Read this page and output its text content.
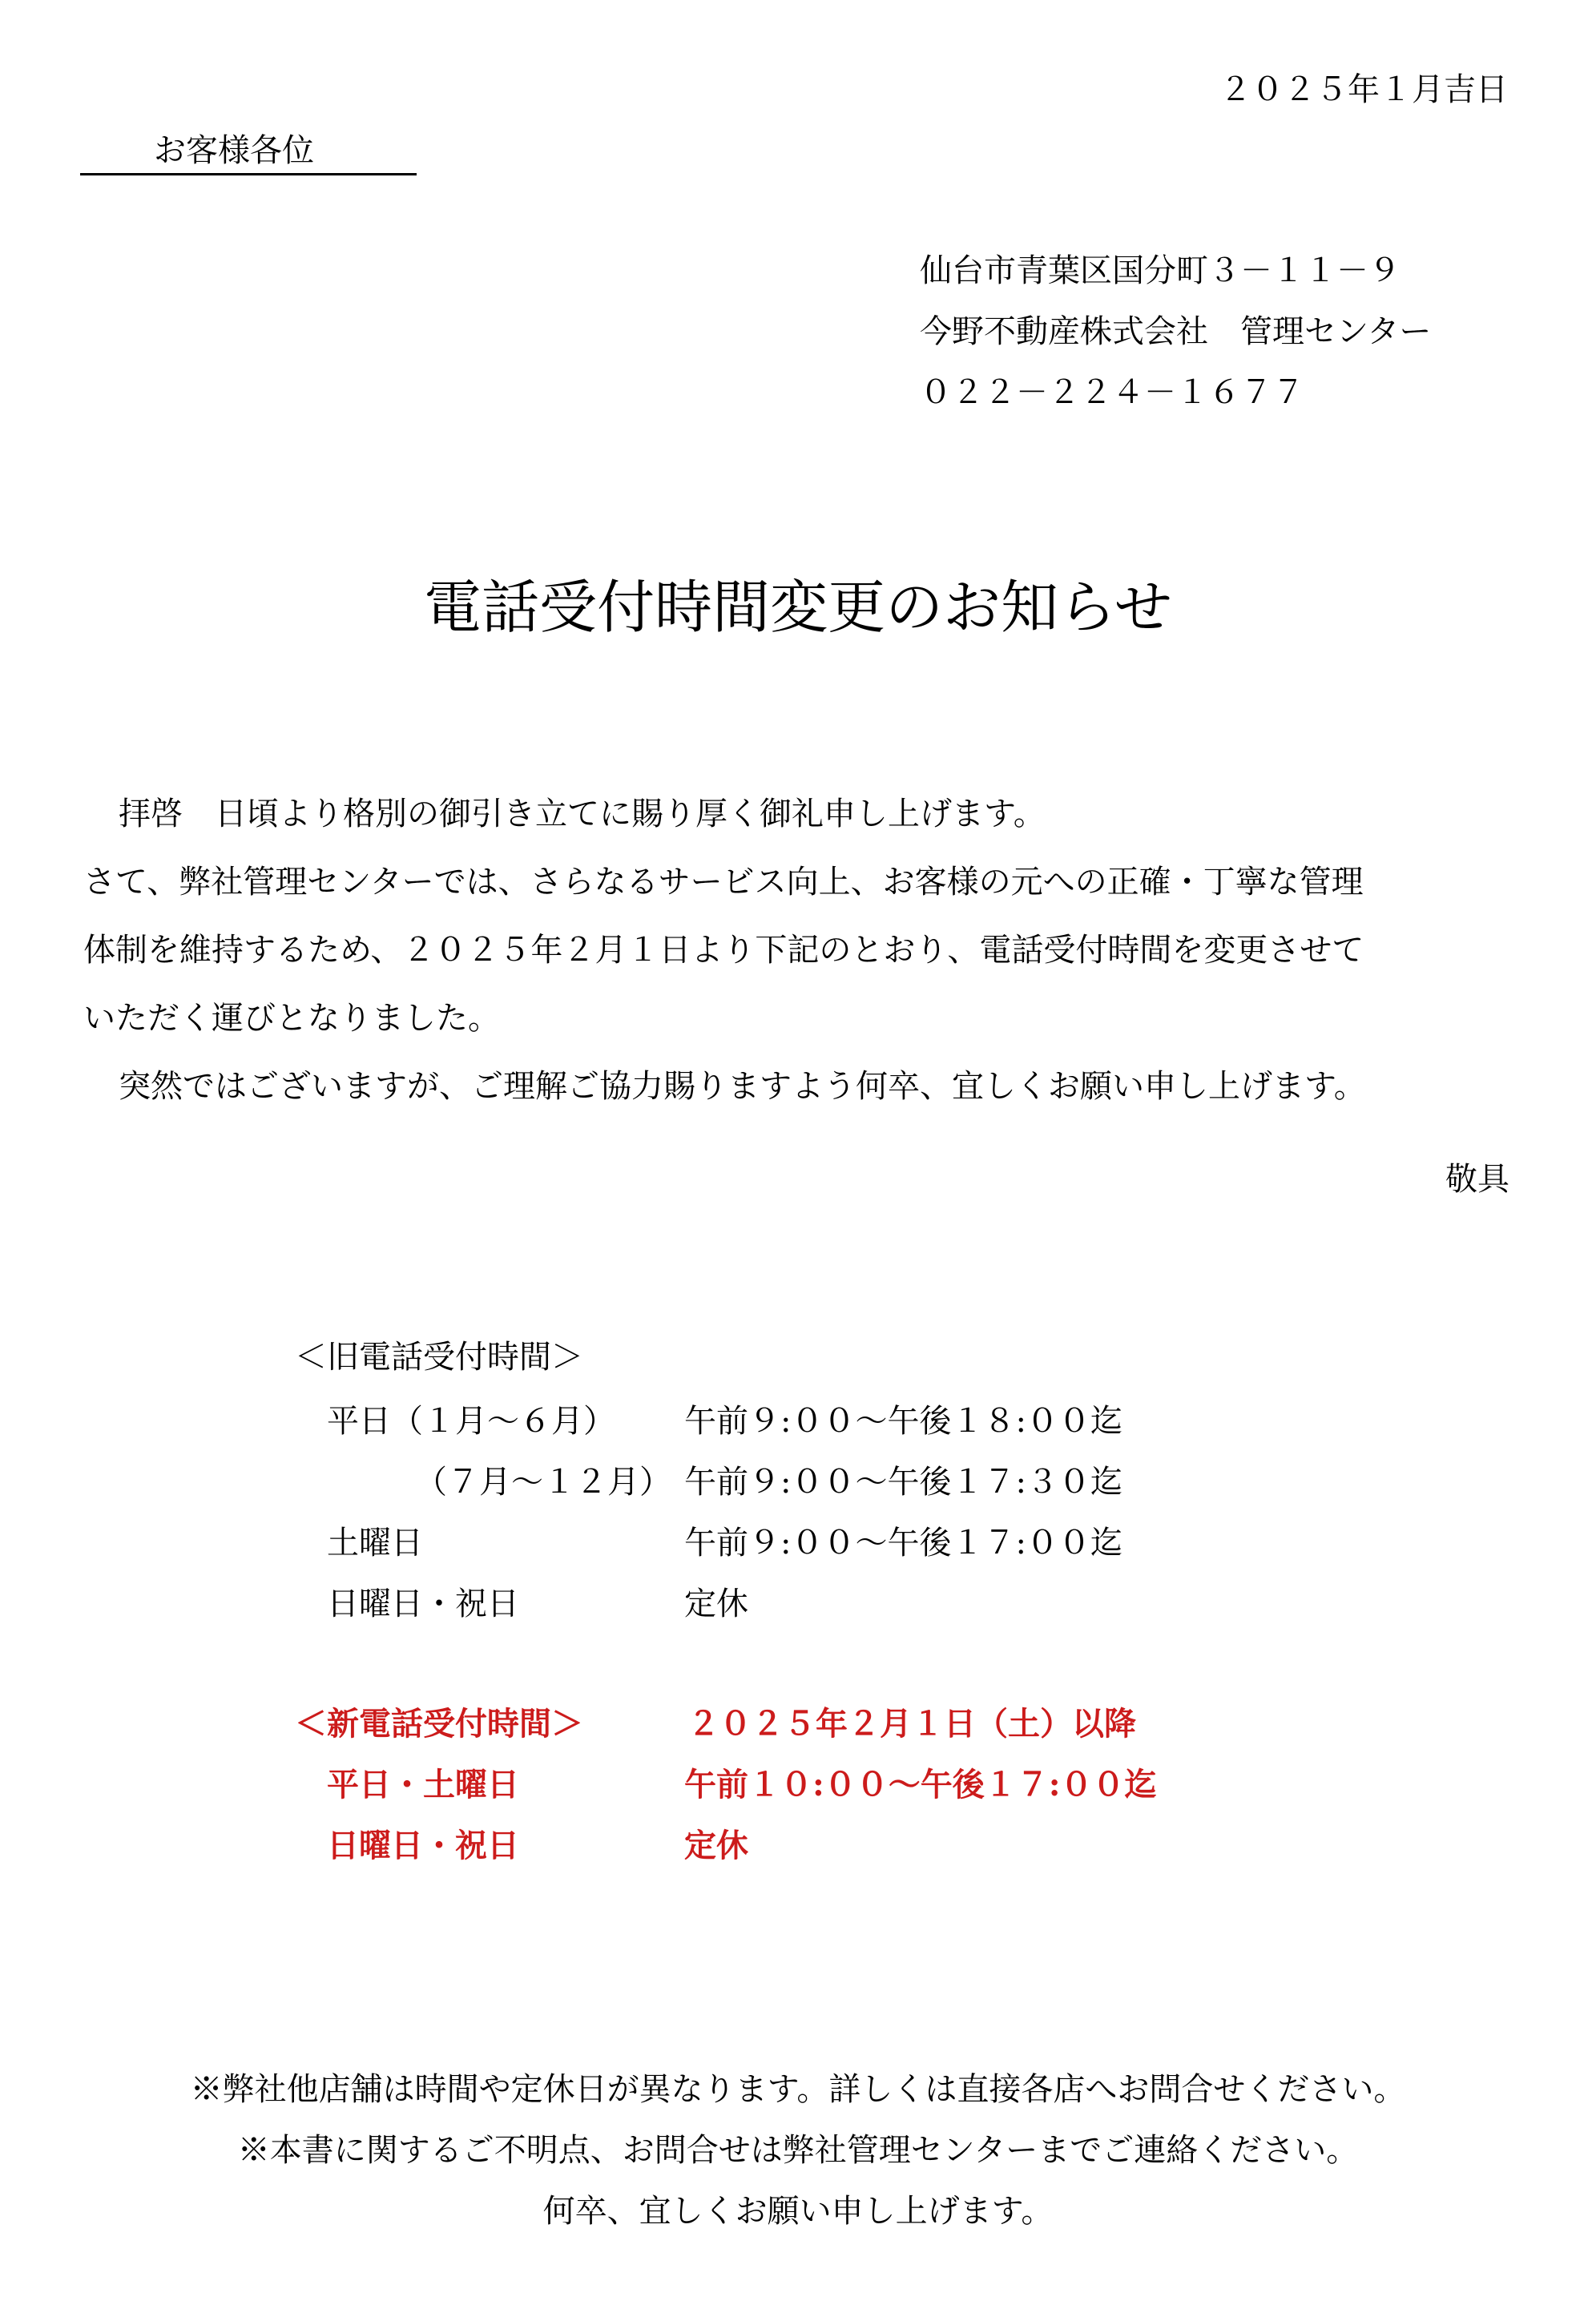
２０２５年１月吉日
お客様各位
仙台市青葉区国分町３－１１－９
今野不動産株式会社　管理センター
０２２－２２４－１６７７
電話受付時間変更のお知らせ

拝啓　日頃より格別の御引き立てに賜り厚く御礼申し上げます。

さて、弊社管理センターでは、さらなるサービス向上、お客様の元への正確・丁寧な管理

体制を維持するため、２０２５年２月１日より下記のとおり、電話受付時間を変更させて

いただく運びとなりました。

突然ではございますが、ご理解ご協力賜りますよう何卒、宜しくお願い申し上げます。

敬具
＜旧電話受付時間＞
平日（１月～６月） 午前９:００～午後１８:００迄
（７月～１２月） 午前９:００～午後１７:３０迄
土曜日	午前９:００～午後１７:００迄
日曜日・祝日	定休
＜新電話受付時間＞	２０２５年２月１日（土）以降
平日・土曜日	午前１０:００～午後１７:００迄
日曜日・祝日	定休
※弊社他店舗は時間や定休日が異なります。詳しくは直接各店へお問合せください。
※本書に関するご不明点、お問合せは弊社管理センターまでご連絡ください。
何卒、宜しくお願い申し上げます。
